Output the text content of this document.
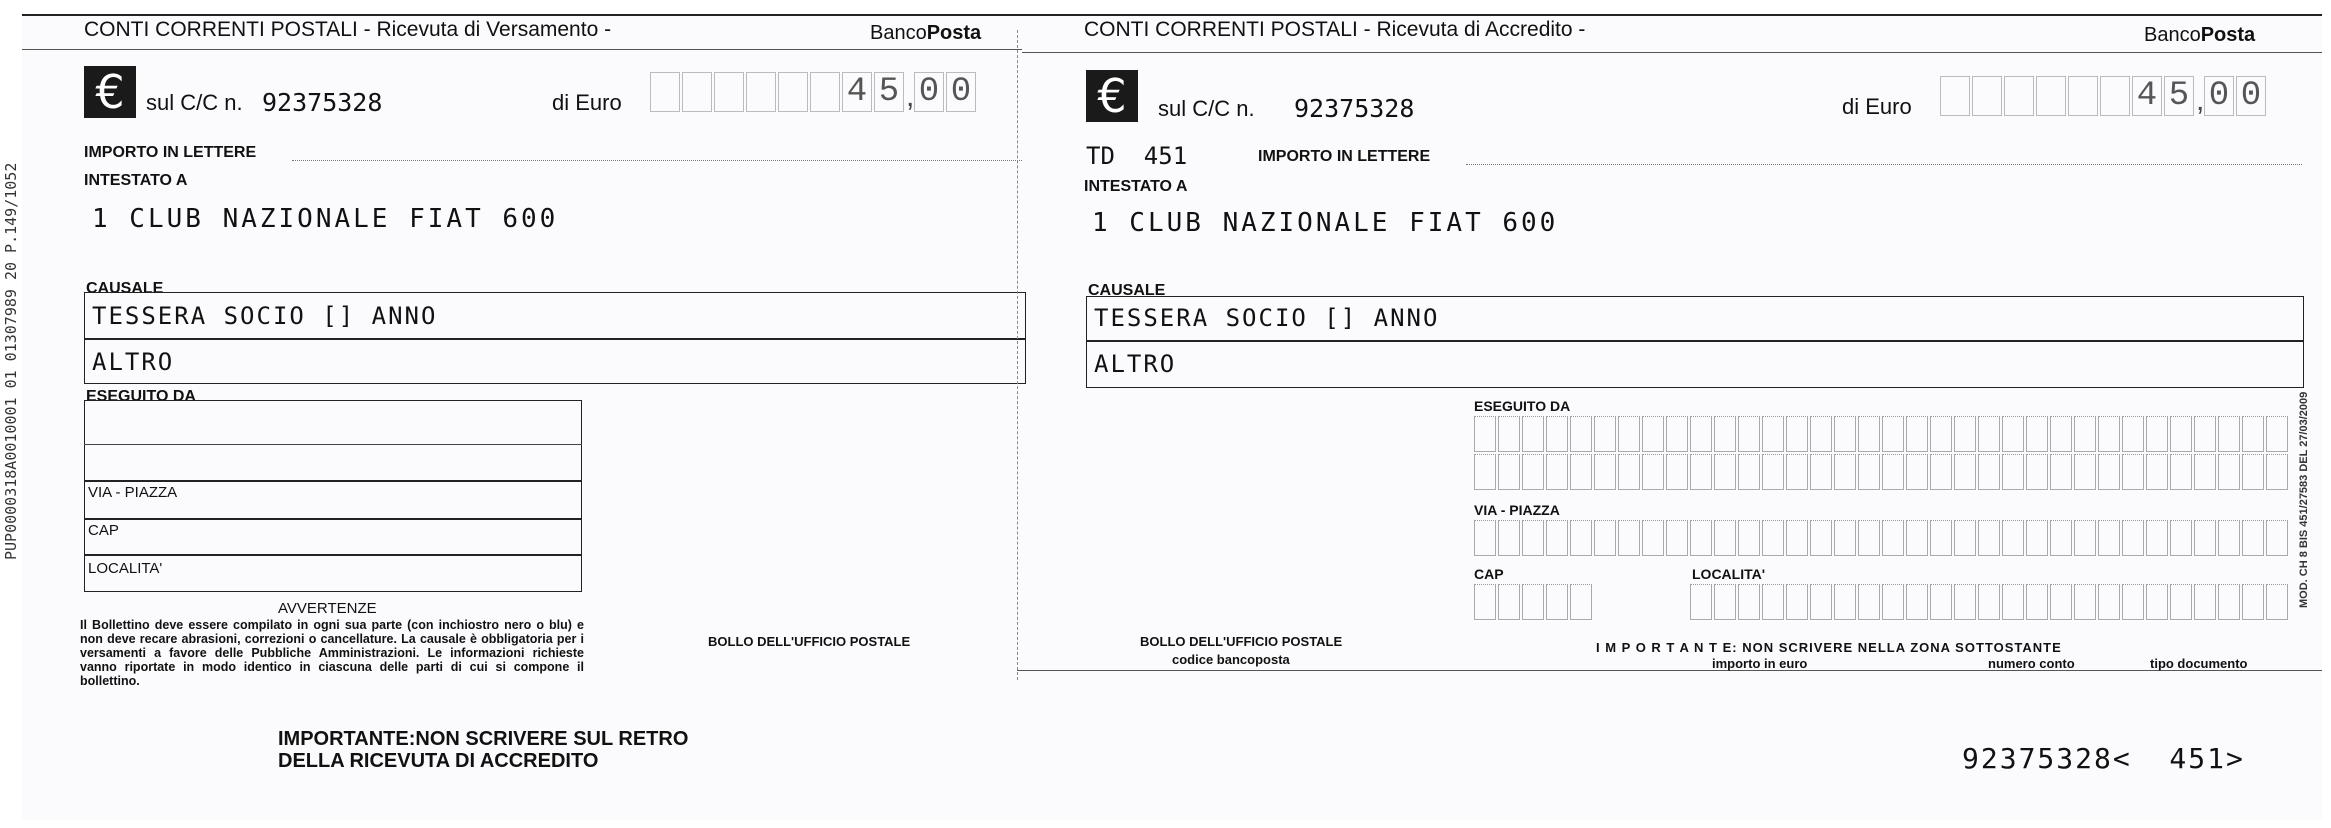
PUP0000318A0010001 01 01307989 20 P.149/1052
CONTI CORRENTI POSTALI - Ricevuta di Versamento -	BancoPosta
€ sul C/C n. 92375328	di Euro	4 5 , 0 0
IMPORTO IN LETTERE
INTESTATO A
1 CLUB NAZIONALE FIAT 600
CAUSALE
TESSERA SOCIO [] ANNO
ALTRO
ESEGUITO DA
VIA - PIAZZA
CAP
LOCALITA'
AVVERTENZE
Il Bollettino deve essere compilato in ogni sua parte (con inchiostro nero o blu) e non deve recare abrasioni, correzioni o cancellature. La causale è obbligatoria per i versamenti a favore delle Pubbliche Amministrazioni. Le informazioni richieste vanno riportate in modo identico in ciascuna delle parti di cui si compone il bollettino.
BOLLO DELL'UFFICIO POSTALE
IMPORTANTE:NON SCRIVERE SUL RETRO
DELLA RICEVUTA DI ACCREDITO
CONTI CORRENTI POSTALI - Ricevuta di Accredito -	BancoPosta
€	sul C/C n. 92375328	di Euro	4 5 , 0 0
TD  451	IMPORTO IN LETTERE
INTESTATO A
1 CLUB NAZIONALE FIAT 600
CAUSALE
TESSERA SOCIO [] ANNO
ALTRO
ESEGUITO DA
VIA - PIAZZA
CAP	LOCALITA'
BOLLO DELL'UFFICIO POSTALE
codice bancoposta
I M P O R T A N T E: NON SCRIVERE NELLA ZONA SOTTOSTANTE
importo in euro	numero conto	tipo documento
92375328<  451>
MOD. CH 8 BIS 451/27583 DEL 27/03/2009
